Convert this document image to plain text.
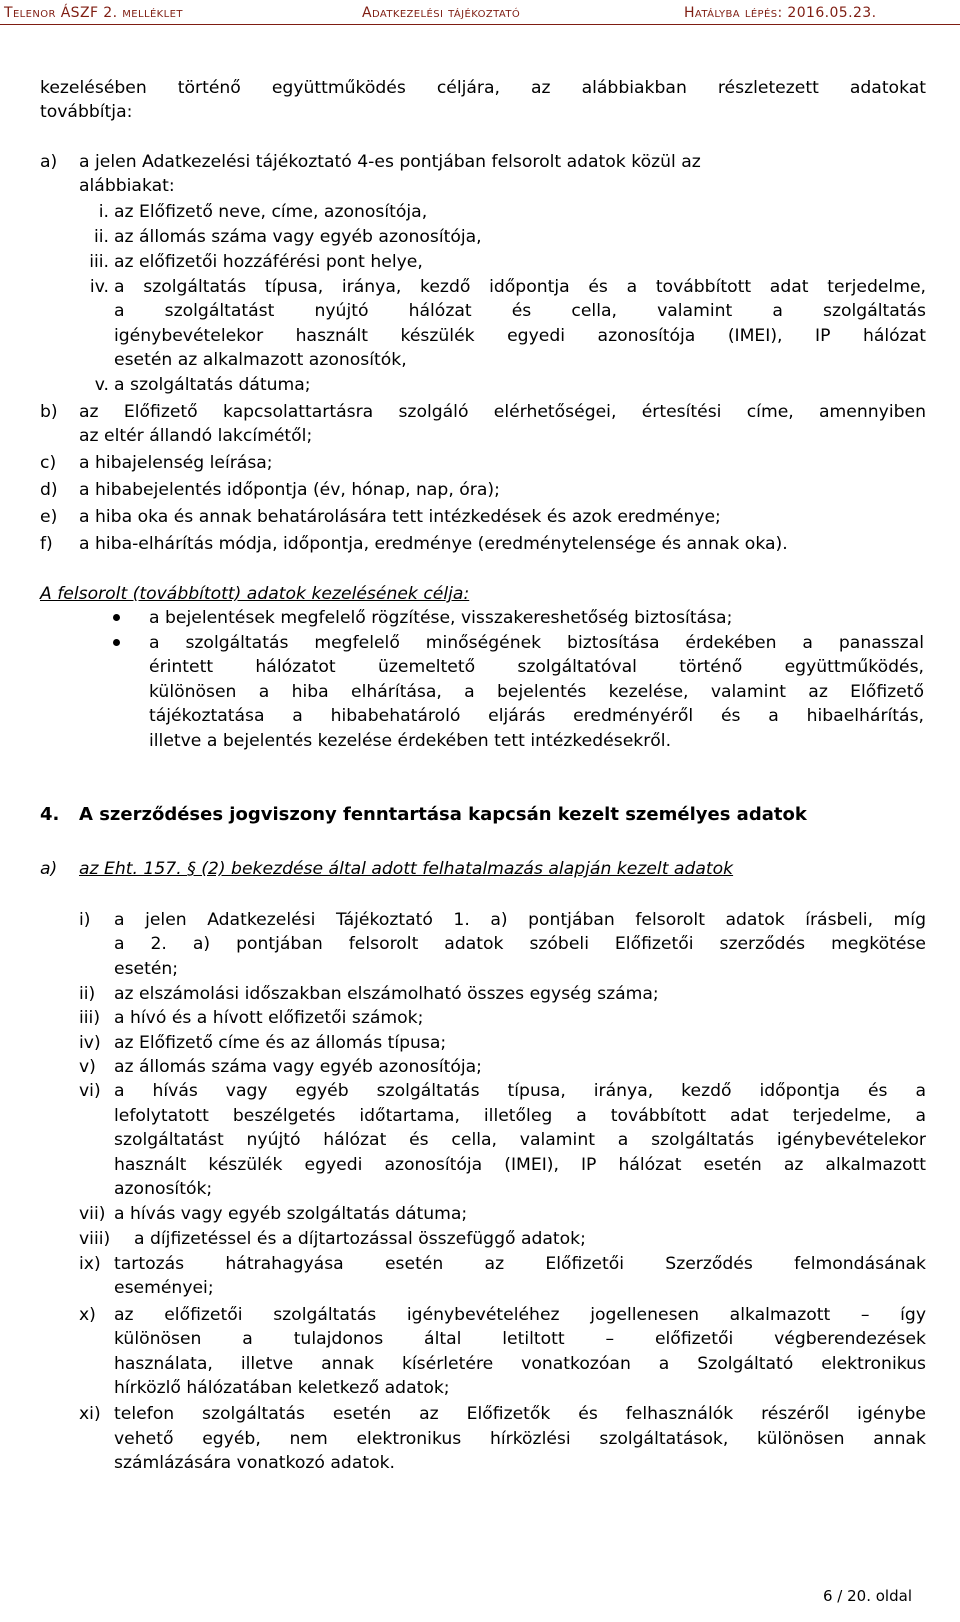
Telenor ÁSZF 2. melléklet	Adatkezelési tájékoztató	Hatályba lépés: 2016.05.23.
kezelésében történő együttműködés céljára, az alábbiakban részletezett adatokat
továbbítja:
a) a jelen Adatkezelési tájékoztató 4-es pontjában felsorolt adatok közül az
alábbiakat:
i. az Előfizető neve, címe, azonosítója,
ii. az állomás száma vagy egyéb azonosítója,
iii. az előfizetői hozzáférési pont helye,
iv. a szolgáltatás típusa, iránya, kezdő időpontja és a továbbított adat terjedelme,
a szolgáltatást nyújtó hálózat és cella, valamint a szolgáltatás
igénybevételekor használt készülék egyedi azonosítója (IMEI), IP hálózat
esetén az alkalmazott azonosítók,
v. a szolgáltatás dátuma;
b) az Előfizető kapcsolattartásra szolgáló elérhetőségei, értesítési címe, amennyiben
az eltér állandó lakcímétől;
c) a hibajelenség leírása;
d) a hibabejelentés időpontja (év, hónap, nap, óra);
e) a hiba oka és annak behatárolására tett intézkedések és azok eredménye;
f) a hiba-elhárítás módja, időpontja, eredménye (eredménytelensége és annak oka).
A felsorolt (továbbított) adatok kezelésének célja:
a bejelentések megfelelő rögzítése, visszakereshetőség biztosítása;
a szolgáltatás megfelelő minőségének biztosítása érdekében a panasszal
érintett hálózatot üzemeltető szolgáltatóval történő együttműködés,
különösen a hiba elhárítása, a bejelentés kezelése, valamint az Előfizető
tájékoztatása a hibabehatároló eljárás eredményéről és a hibaelhárítás,
illetve a bejelentés kezelése érdekében tett intézkedésekről.
4. A szerződéses jogviszony fenntartása kapcsán kezelt személyes adatok
a) az Eht. 157. § (2) bekezdése által adott felhatalmazás alapján kezelt adatok
i) a jelen Adatkezelési Tájékoztató 1. a) pontjában felsorolt adatok írásbeli, míg
a 2. a) pontjában felsorolt adatok szóbeli Előfizetői szerződés megkötése
esetén;
ii) az elszámolási időszakban elszámolható összes egység száma;
iii) a hívó és a hívott előfizetői számok;
iv) az Előfizető címe és az állomás típusa;
v) az állomás száma vagy egyéb azonosítója;
vi) a hívás vagy egyéb szolgáltatás típusa, iránya, kezdő időpontja és a
lefolytatott beszélgetés időtartama, illetőleg a továbbított adat terjedelme, a
szolgáltatást nyújtó hálózat és cella, valamint a szolgáltatás igénybevételekor
használt készülék egyedi azonosítója (IMEI), IP hálózat esetén az alkalmazott
azonosítók;
vii) a hívás vagy egyéb szolgáltatás dátuma;
viii) a díjfizetéssel és a díjtartozással összefüggő adatok;
ix) tartozás hátrahagyása esetén az Előfizetői Szerződés felmondásának
eseményei;
x) az előfizetői szolgáltatás igénybevételéhez jogellenesen alkalmazott – így
különösen a tulajdonos által letiltott – előfizetői végberendezések
használata, illetve annak kísérletére vonatkozóan a Szolgáltató elektronikus
hírközlő hálózatában keletkező adatok;
xi) telefon szolgáltatás esetén az Előfizetők és felhasználók részéről igénybe
vehető egyéb, nem elektronikus hírközlési szolgáltatások, különösen annak
számlázására vonatkozó adatok.
6 / 20. oldal
